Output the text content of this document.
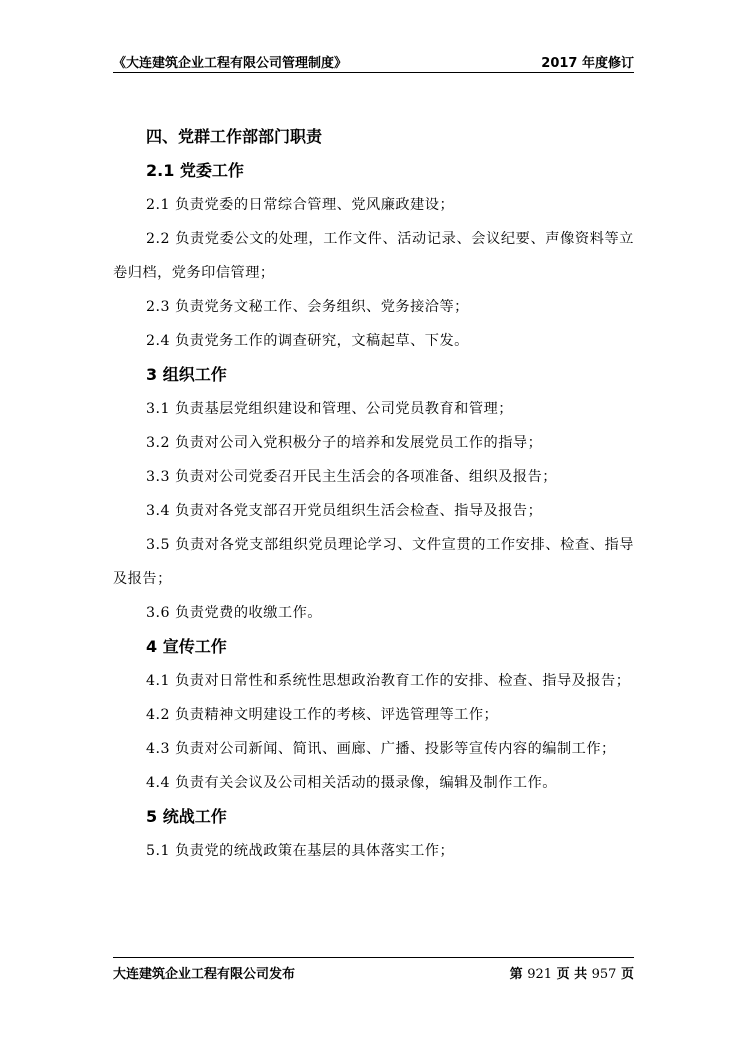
《大连建筑企业工程有限公司管理制度》	2017 年度修订

四、党群工作部部门职责

2.1 党委工作

2.1 负责党委的日常综合管理、党风廉政建设；

2.2 负责党委公文的处理，工作文件、活动记录、会议纪要、声像资料等立卷归档，党务印信管理；

2.3 负责党务文秘工作、会务组织、党务接洽等；

2.4 负责党务工作的调查研究，文稿起草、下发。

3 组织工作

3.1 负责基层党组织建设和管理、公司党员教育和管理；

3.2 负责对公司入党积极分子的培养和发展党员工作的指导；

3.3 负责对公司党委召开民主生活会的各项准备、组织及报告；

3.4 负责对各党支部召开党员组织生活会检查、指导及报告；

3.5 负责对各党支部组织党员理论学习、文件宣贯的工作安排、检查、指导及报告；

3.6 负责党费的收缴工作。

4 宣传工作

4.1 负责对日常性和系统性思想政治教育工作的安排、检查、指导及报告；

4.2 负责精神文明建设工作的考核、评选管理等工作；

4.3 负责对公司新闻、简讯、画廊、广播、投影等宣传内容的编制工作；

4.4 负责有关会议及公司相关活动的摄录像，编辑及制作工作。

5 统战工作

5.1 负责党的统战政策在基层的具体落实工作；

大连建筑企业工程有限公司发布	第 921 页 共 957 页
